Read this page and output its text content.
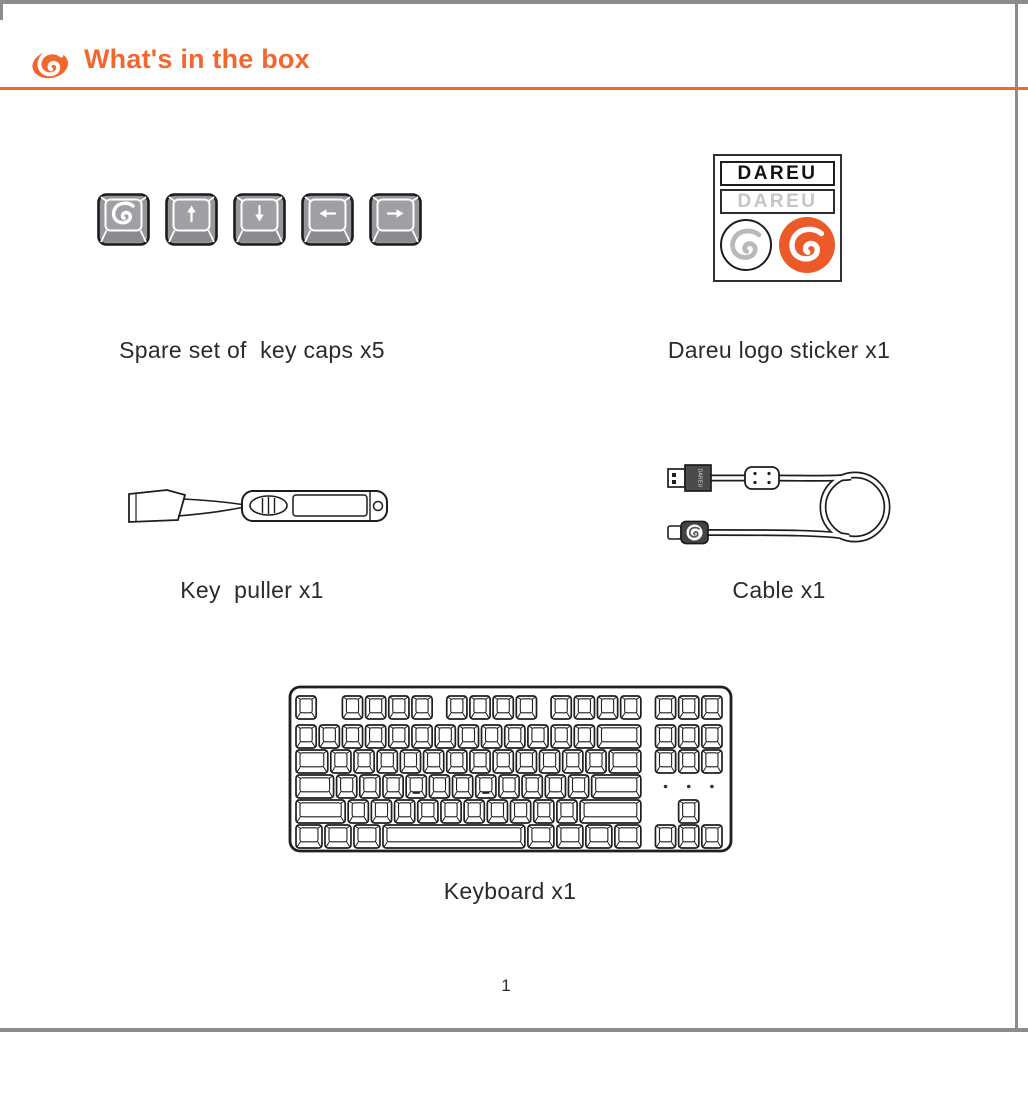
What's in the box
DAREU
DAREU
DAREU
Spare set of  key caps x5	Dareu logo sticker x1
Key  puller x1	Cable x1
Keyboard x1
1
